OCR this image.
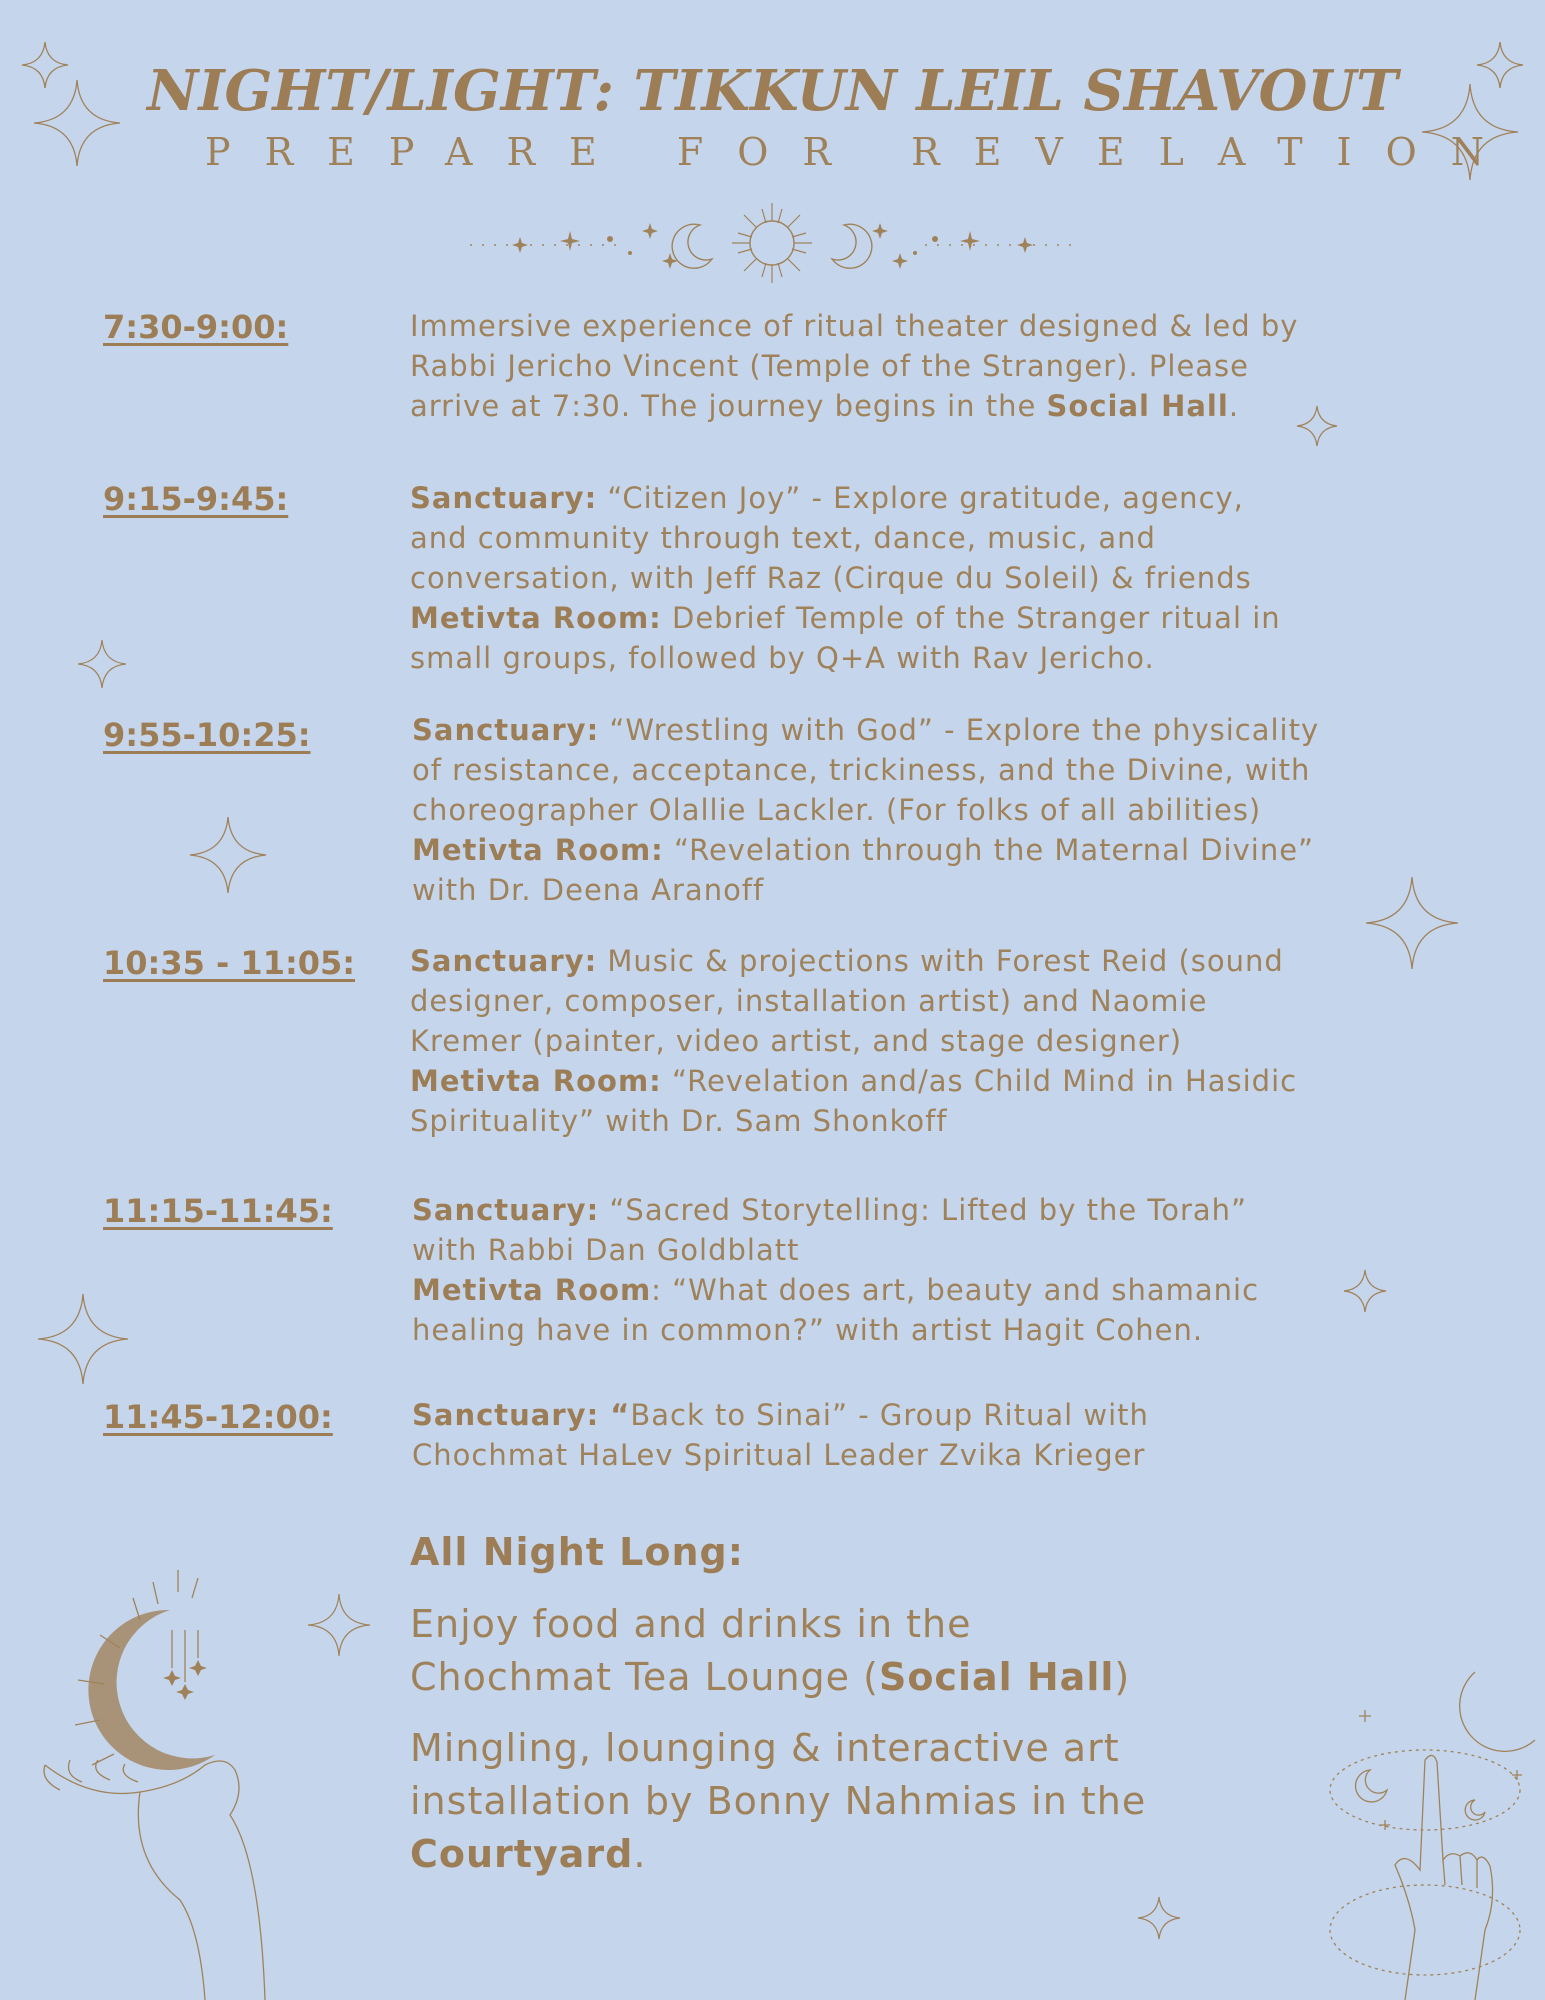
NIGHT/LIGHT: TIKKUN LEIL SHAVOUT
PREPARE FOR REVELATION
7:30-9:00:	Immersive experience of ritual theater designed & led by
Rabbi Jericho Vincent (Temple of the Stranger). Please
arrive at 7:30. The journey begins in the Social Hall.
9:15-9:45:	Sanctuary: “Citizen Joy” - Explore gratitude, agency,
and community through text, dance, music, and
conversation, with Jeff Raz (Cirque du Soleil) & friends
Metivta Room: Debrief Temple of the Stranger ritual in
small groups, followed by Q+A with Rav Jericho.
9:55-10:25:	Sanctuary: “Wrestling with God” - Explore the physicality
of resistance, acceptance, trickiness, and the Divine, with
choreographer Olallie Lackler. (For folks of all abilities)
Metivta Room: “Revelation through the Maternal Divine”
with Dr. Deena Aranoff
10:35 - 11:05: Sanctuary: Music & projections with Forest Reid (sound
designer, composer, installation artist) and Naomie
Kremer (painter, video artist, and stage designer)
Metivta Room: “Revelation and/as Child Mind in Hasidic
Spirituality” with Dr. Sam Shonkoff
11:15-11:45:	Sanctuary: “Sacred Storytelling: Lifted by the Torah”
with Rabbi Dan Goldblatt
Metivta Room: “What does art, beauty and shamanic
healing have in common?” with artist Hagit Cohen.
11:45-12:00:	Sanctuary: “Back to Sinai” - Group Ritual with
Chochmat HaLev Spiritual Leader Zvika Krieger
All Night Long:
Enjoy food and drinks in the
Chochmat Tea Lounge (Social Hall)
Mingling, lounging & interactive art
installation by Bonny Nahmias in the
Courtyard.
